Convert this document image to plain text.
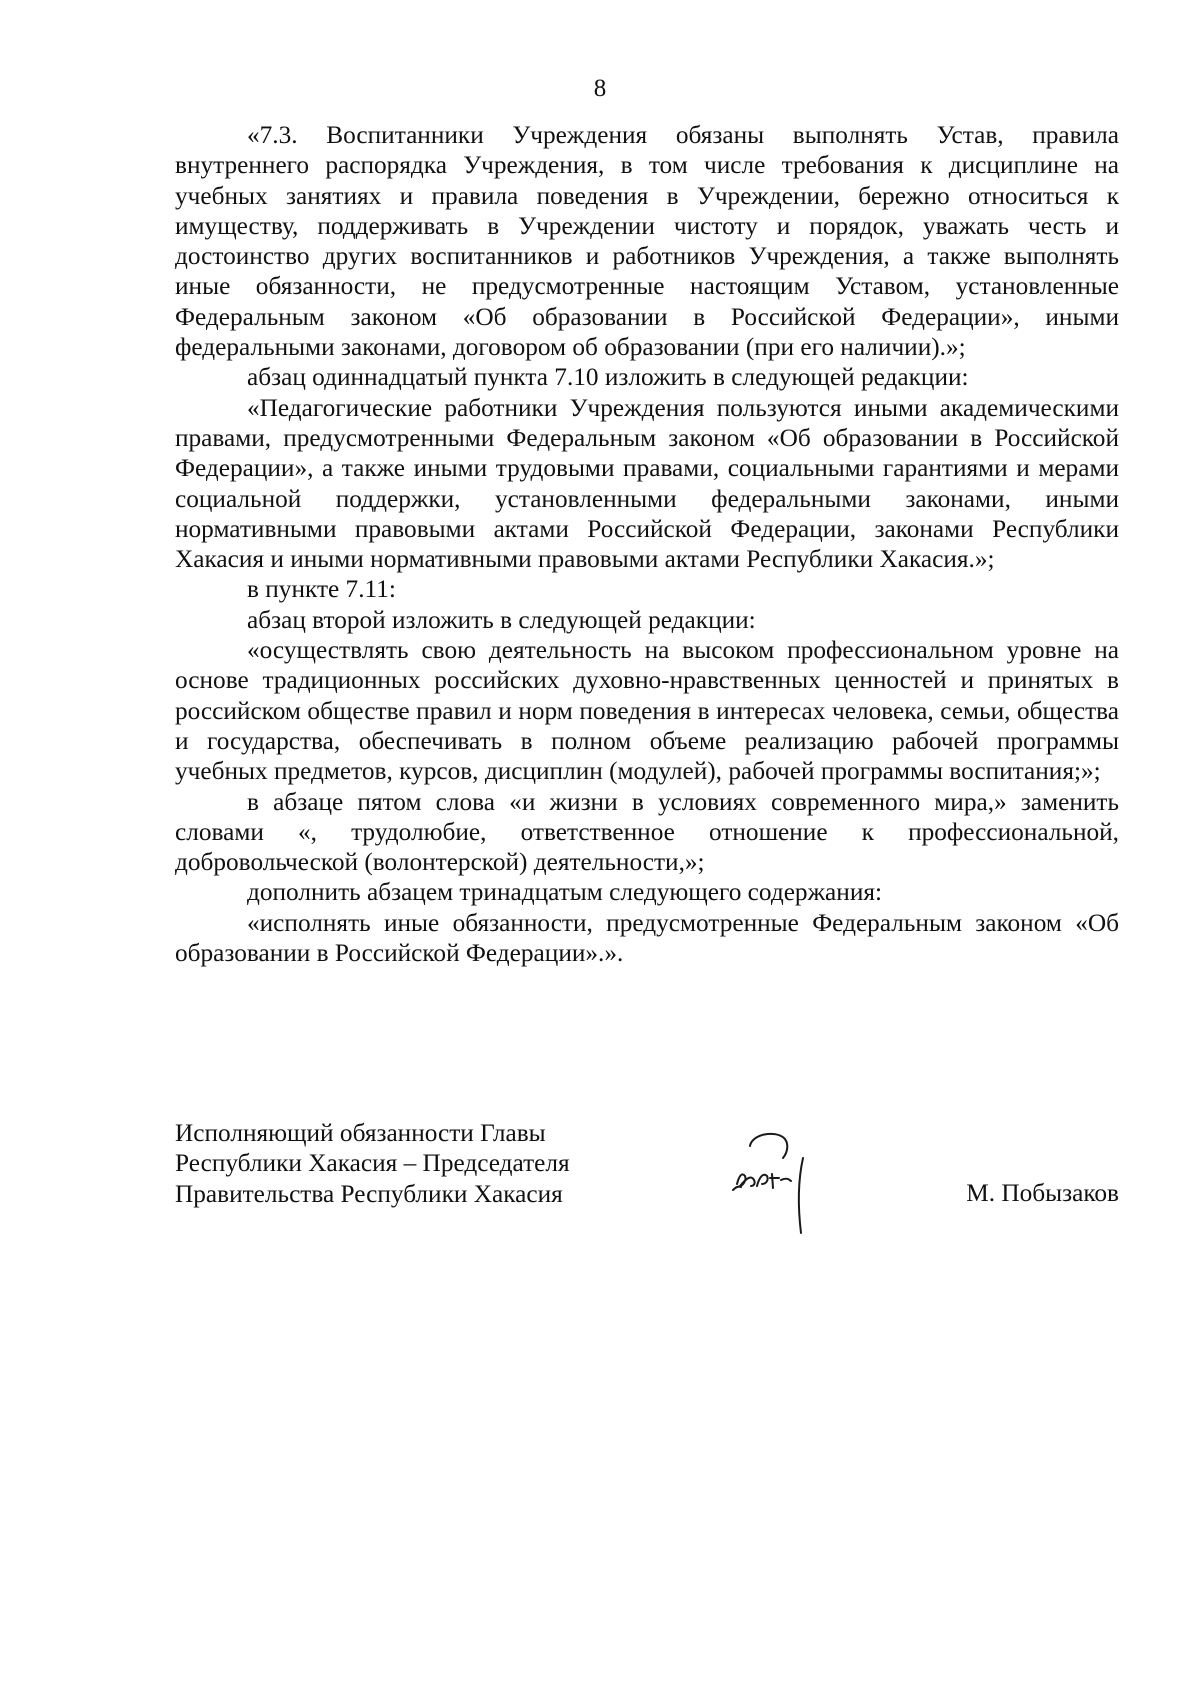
8

«7.3. Воспитанники Учреждения обязаны выполнять Устав, правила внутреннего распорядка Учреждения, в том числе требования к дисциплине на учебных занятиях и правила поведения в Учреждении, бережно относиться к имуществу, поддерживать в Учреждении чистоту и порядок, уважать честь и достоинство других воспитанников и работников Учреждения, а также выполнять иные обязанности, не предусмотренные настоящим Уставом, установленные Федеральным законом «Об образовании в Российской Федерации», иными федеральными законами, договором об образовании (при его наличии).»;

абзац одиннадцатый пункта 7.10 изложить в следующей редакции:

«Педагогические работники Учреждения пользуются иными академическими правами, предусмотренными Федеральным законом «Об образовании в Российской Федерации», а также иными трудовыми правами, социальными гарантиями и мерами социальной поддержки, установленными федеральными законами, иными нормативными правовыми актами Российской Федерации, законами Республики Хакасия и иными нормативными правовыми актами Республики Хакасия.»;

в пункте 7.11:

абзац второй изложить в следующей редакции:

«осуществлять свою деятельность на высоком профессиональном уровне на основе традиционных российских духовно-нравственных ценностей и принятых в российском обществе правил и норм поведения в интересах человека, семьи, общества и государства, обеспечивать в полном объеме реализацию рабочей программы учебных предметов, курсов, дисциплин (модулей), рабочей программы воспитания;»;

в абзаце пятом слова «и жизни в условиях современного мира,» заменить словами «, трудолюбие, ответственное отношение к профессиональной, добровольческой (волонтерской) деятельности,»;

дополнить абзацем тринадцатым следующего содержания:

«исполнять иные обязанности, предусмотренные Федеральным законом «Об образовании в Российской Федерации».».

Исполняющий обязанности Главы
Республики Хакасия – Председателя
Правительства Республики Хакасия	М. Побызаков
